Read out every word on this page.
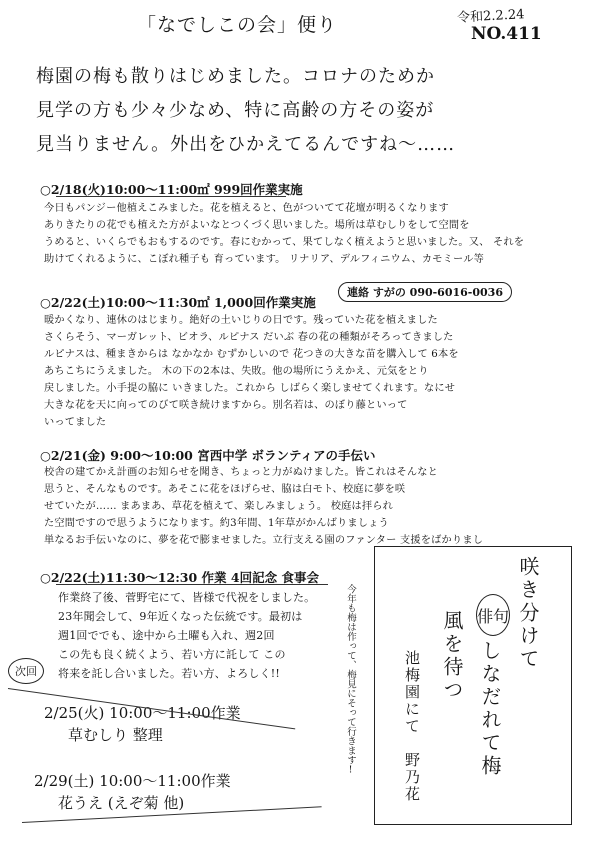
「なでしこの会」便り	令和2.2.24
NO.411
梅園の梅も散りはじめました。コロナのためか
見学の方も少々少なめ、特に高齢の方その姿が
見当りません。外出をひかえてるんですね〜……
○2/18(火)10:00〜11:00㎡ 999回作業実施
今日もパンジー他植えこみました。花を植えると、色がついてて花壇が明るくなります
ありきたりの花でも植えた方がよいなとつくづく思いました。場所は草むしりをして空間を
うめると、いくらでもおもするのです。春にむかって、果てしなく植えようと思いました。又、 それを
助けてくれるように、こぼれ種子も 育っています。 リナリア、デルフィニウム、カモミール等
○2/22(土)10:00〜11:30㎡ 1,000回作業実施
連絡 すがの 090-6016-0036
暖かくなり、連休のはじまり。絶好の土いじりの日です。残っていた花を植えました
さくらそう、マーガレット、ビオラ、ルピナス だいぶ 春の花の種類がそろってきました
ルピナスは、種まきからは なかなか むずかしいので 花つきの大きな苗を購入して 6本を
あちこちにうえました。 木の下の2本は、失敗。他の場所にうえかえ、元気をとり
戻しました。小手提の脇に いきました。これから しばらく楽しませてくれます。なにせ
大きな花を天に向ってのびて咲き続けますから。別名若は、のぼり藤といって
いってました
○2/21(金) 9:00〜10:00 宮西中学 ボランティアの手伝い
校舎の建てかえ計画のお知らせを聞き、ちょっと力がぬけました。皆これはそんなと
思うと、そんなものです。あそこに花をほげらせ、脇は白モト、校庭に夢を咲
せていたが…… まあまあ、草花を植えて、楽しみましょう。 校庭は拝られ
た空間ですので思うようになります。約3年間、1年草がかんばりましょう
単なるお手伝いなのに、夢を花で膨ませました。立行支える園のファンター 支援をばかりまし
○2/22(土)11:30〜12:30 作業 4回記念 食事会
作業終了後、菅野宅にて、皆様で代祝をしました。
23年聞会して、9年近くなった伝統です。最初は
週1回ででも、途中から土曜も入れ、週2回
この先も良く続くよう、若い方に託して この
将来を託し合いました。若い方、よろしく!!
次回
2/25(火) 10:00〜11:00作業
草むしり 整理
2/29(土) 10:00〜11:00作業
花うえ (えぞ菊 他)
今年も梅は作って、梅見にそって行きます!	俳句 咲き分けて
しなだれて梅
風を待つ
池梅園にて
野乃花
